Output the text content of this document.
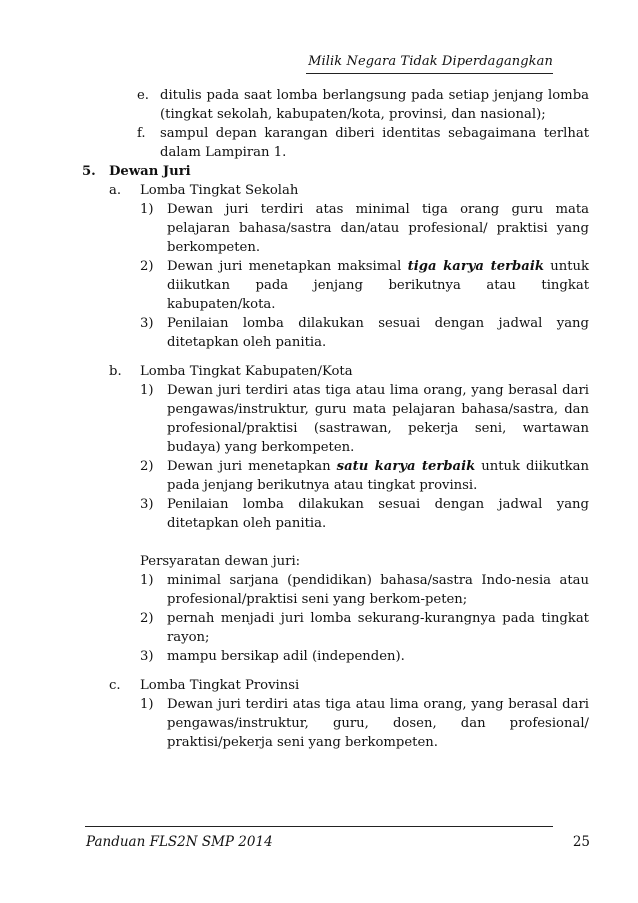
Milik Negara Tidak Diperdagangkan
e. ditulis pada saat lomba berlangsung pada setiap jenjang lomba (tingkat sekolah, kabupaten/kota, provinsi, dan nasional);
f.	sampul depan karangan diberi identitas sebagaimana terlhat dalam Lampiran 1.
5.	Dewan Juri
a.	Lomba Tingkat Sekolah
1)	Dewan juri terdiri atas minimal tiga orang guru mata pelajaran bahasa/sastra dan/atau profesional/ praktisi yang berkompeten.
2)	Dewan juri menetapkan maksimal tiga karya terbaik untuk diikutkan pada jenjang berikutnya atau tingkat kabupaten/kota.
3)	Penilaian lomba dilakukan sesuai dengan jadwal yang ditetapkan oleh panitia.
b.	Lomba Tingkat Kabupaten/Kota
1)	Dewan juri terdiri atas tiga atau lima orang, yang berasal dari pengawas/instruktur, guru mata pelajaran bahasa/sastra, dan profesional/praktisi (sastrawan, pekerja seni, wartawan budaya) yang berkompeten.
2)	Dewan juri menetapkan satu karya terbaik untuk diikutkan pada jenjang berikutnya atau tingkat provinsi.
3)	Penilaian lomba dilakukan sesuai dengan jadwal yang ditetapkan oleh panitia.
Persyaratan dewan juri:
1)	minimal sarjana (pendidikan) bahasa/sastra Indo-nesia atau profesional/praktisi seni yang berkom-peten;
2)	pernah menjadi juri lomba sekurang-kurangnya pada tingkat rayon;
3)	mampu bersikap adil (independen).
c.	Lomba Tingkat Provinsi
1)	Dewan juri terdiri atas tiga atau lima orang, yang berasal dari pengawas/instruktur, guru, dosen, dan profesional/ praktisi/pekerja seni yang berkompeten.
Panduan FLS2N SMP 2014	25
